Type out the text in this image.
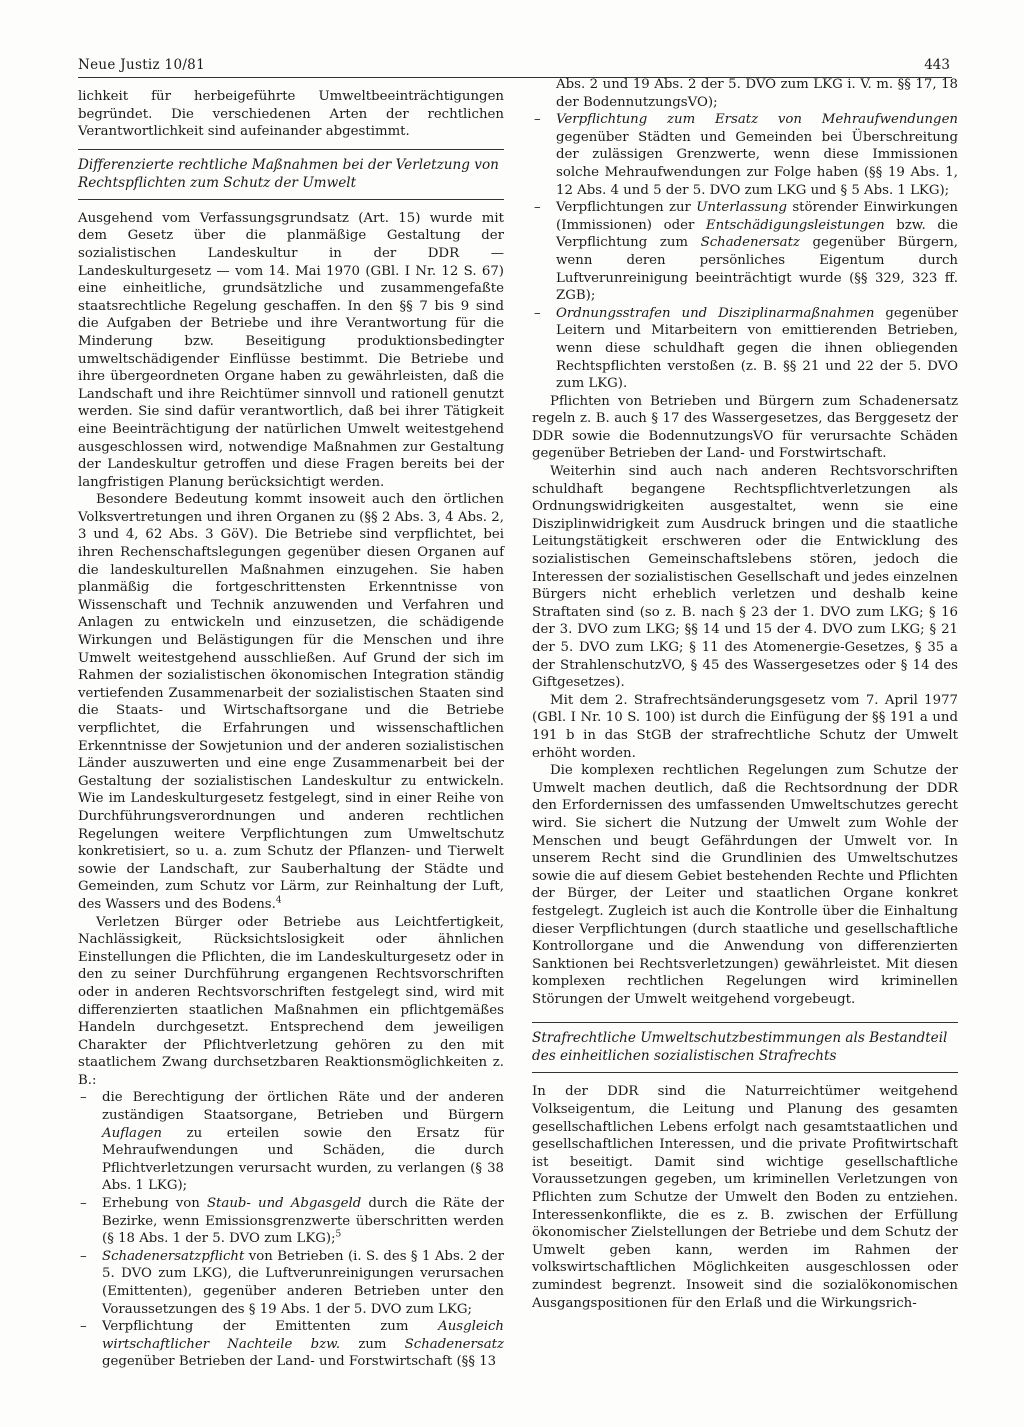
Neue Justiz 10/81	443

lichkeit für herbeigeführte Umweltbeeinträchtigungen begründet. Die verschiedenen Arten der rechtlichen Verantwortlichkeit sind aufeinander abgestimmt.

Differenzierte rechtliche Maßnahmen bei der Verletzung von Rechtspflichten zum Schutz der Umwelt

Ausgehend vom Verfassungsgrundsatz (Art. 15) wurde mit dem Gesetz über die planmäßige Gestaltung der sozialistischen Landeskultur in der DDR — Landeskulturgesetz — vom 14. Mai 1970 (GBl. I Nr. 12 S. 67) eine einheitliche, grundsätzliche und zusammengefaßte staatsrechtliche Regelung geschaffen. In den §§ 7 bis 9 sind die Aufgaben der Betriebe und ihre Verantwortung für die Minderung bzw. Beseitigung produktionsbedingter umweltschädigender Einflüsse bestimmt. Die Betriebe und ihre übergeordneten Organe haben zu gewährleisten, daß die Landschaft und ihre Reichtümer sinnvoll und rationell genutzt werden. Sie sind dafür verantwortlich, daß bei ihrer Tätigkeit eine Beeinträchtigung der natürlichen Umwelt weitestgehend ausgeschlossen wird, notwendige Maßnahmen zur Gestaltung der Landeskultur getroffen und diese Fragen bereits bei der langfristigen Planung berücksichtigt werden.

Besondere Bedeutung kommt insoweit auch den örtlichen Volksvertretungen und ihren Organen zu (§§ 2 Abs. 3, 4 Abs. 2, 3 und 4, 62 Abs. 3 GöV). Die Betriebe sind verpflichtet, bei ihren Rechenschaftslegungen gegenüber diesen Organen auf die landeskulturellen Maßnahmen einzugehen. Sie haben planmäßig die fortgeschrittensten Erkenntnisse von Wissenschaft und Technik anzuwenden und Verfahren und Anlagen zu entwickeln und einzusetzen, die schädigende Wirkungen und Belästigungen für die Menschen und ihre Umwelt weitestgehend ausschließen. Auf Grund der sich im Rahmen der sozialistischen ökonomischen Integration ständig vertiefenden Zusammenarbeit der sozialistischen Staaten sind die Staats- und Wirtschaftsorgane und die Betriebe verpflichtet, die Erfahrungen und wissenschaftlichen Erkenntnisse der Sowjetunion und der anderen sozialistischen Länder auszuwerten und eine enge Zusammenarbeit bei der Gestaltung der sozialistischen Landeskultur zu entwickeln. Wie im Landeskulturgesetz festgelegt, sind in einer Reihe von Durchführungsverordnungen und anderen rechtlichen Regelungen weitere Verpflichtungen zum Umweltschutz konkretisiert, so u. a. zum Schutz der Pflanzen- und Tierwelt sowie der Landschaft, zur Sauberhaltung der Städte und Gemeinden, zum Schutz vor Lärm, zur Reinhaltung der Luft, des Wassers und des Bodens.$^4$

Verletzen Bürger oder Betriebe aus Leichtfertigkeit, Nachlässigkeit, Rücksichtslosigkeit oder ähnlichen Einstellungen die Pflichten, die im Landeskulturgesetz oder in den zu seiner Durchführung ergangenen Rechtsvorschriften oder in anderen Rechtsvorschriften festgelegt sind, wird mit differenzierten staatlichen Maßnahmen ein pflichtgemäßes Handeln durchgesetzt. Entsprechend dem jeweiligen Charakter der Pflichtverletzung gehören zu den mit staatlichem Zwang durchsetzbaren Reaktionsmöglichkeiten z. B.:

– die Berechtigung der örtlichen Räte und der anderen zuständigen Staatsorgane, Betrieben und Bürgern Auflagen zu erteilen sowie den Ersatz für Mehraufwendungen und Schäden, die durch Pflichtverletzungen verursacht wurden, zu verlangen (§ 38 Abs. 1 LKG);
– Erhebung von Staub- und Abgasgeld durch die Räte der Bezirke, wenn Emissionsgrenzwerte überschritten werden (§ 18 Abs. 1 der 5. DVO zum LKG);$^5$
– Schadenersatzpflicht von Betrieben (i. S. des § 1 Abs. 2 der 5. DVO zum LKG), die Luftverunreinigungen verursachen (Emittenten), gegenüber anderen Betrieben unter den Voraussetzungen des § 19 Abs. 1 der 5. DVO zum LKG;
– Verpflichtung der Emittenten zum Ausgleich wirtschaftlicher Nachteile bzw. zum Schadenersatz gegenüber Betrieben der Land- und Forstwirtschaft (§§ 13

Abs. 2 und 19 Abs. 2 der 5. DVO zum LKG i. V. m. §§ 17, 18 der BodennutzungsVO);

– Verpflichtung zum Ersatz von Mehraufwendungen gegenüber Städten und Gemeinden bei Überschreitung der zulässigen Grenzwerte, wenn diese Immissionen solche Mehraufwendungen zur Folge haben (§§ 19 Abs. 1, 12 Abs. 4 und 5 der 5. DVO zum LKG und § 5 Abs. 1 LKG);
– Verpflichtungen zur Unterlassung störender Einwirkungen (Immissionen) oder Entschädigungsleistungen bzw. die Verpflichtung zum Schadenersatz gegenüber Bürgern, wenn deren persönliches Eigentum durch Luftverunreinigung beeinträchtigt wurde (§§ 329, 323 ff. ZGB);
– Ordnungsstrafen und Disziplinarmaßnahmen gegenüber Leitern und Mitarbeitern von emittierenden Betrieben, wenn diese schuldhaft gegen die ihnen obliegenden Rechtspflichten verstoßen (z. B. §§ 21 und 22 der 5. DVO zum LKG).

Pflichten von Betrieben und Bürgern zum Schadenersatz regeln z. B. auch § 17 des Wassergesetzes, das Berggesetz der DDR sowie die BodennutzungsVO für verursachte Schäden gegenüber Betrieben der Land- und Forstwirtschaft.

Weiterhin sind auch nach anderen Rechtsvorschriften schuldhaft begangene Rechtspflichtverletzungen als Ordnungswidrigkeiten ausgestaltet, wenn sie eine Disziplinwidrigkeit zum Ausdruck bringen und die staatliche Leitungstätigkeit erschweren oder die Entwicklung des sozialistischen Gemeinschaftslebens stören, jedoch die Interessen der sozialistischen Gesellschaft und jedes einzelnen Bürgers nicht erheblich verletzen und deshalb keine Straftaten sind (so z. B. nach § 23 der 1. DVO zum LKG; § 16 der 3. DVO zum LKG; §§ 14 und 15 der 4. DVO zum LKG; § 21 der 5. DVO zum LKG; § 11 des Atomenergie-Gesetzes, § 35 a der StrahlenschutzVO, § 45 des Wassergesetzes oder § 14 des Giftgesetzes).

Mit dem 2. Strafrechtsänderungsgesetz vom 7. April 1977 (GBl. I Nr. 10 S. 100) ist durch die Einfügung der §§ 191 a und 191 b in das StGB der strafrechtliche Schutz der Umwelt erhöht worden.

Die komplexen rechtlichen Regelungen zum Schutze der Umwelt machen deutlich, daß die Rechtsordnung der DDR den Erfordernissen des umfassenden Umweltschutzes gerecht wird. Sie sichert die Nutzung der Umwelt zum Wohle der Menschen und beugt Gefährdungen der Umwelt vor. In unserem Recht sind die Grundlinien des Umweltschutzes sowie die auf diesem Gebiet bestehenden Rechte und Pflichten der Bürger, der Leiter und staatlichen Organe konkret festgelegt. Zugleich ist auch die Kontrolle über die Einhaltung dieser Verpflichtungen (durch staatliche und gesellschaftliche Kontrollorgane und die Anwendung von differenzierten Sanktionen bei Rechtsverletzungen) gewährleistet. Mit diesen komplexen rechtlichen Regelungen wird kriminellen Störungen der Umwelt weitgehend vorgebeugt.

Strafrechtliche Umweltschutzbestimmungen als Bestandteil des einheitlichen sozialistischen Strafrechts

In der DDR sind die Naturreichtümer weitgehend Volkseigentum, die Leitung und Planung des gesamten gesellschaftlichen Lebens erfolgt nach gesamtstaatlichen und gesellschaftlichen Interessen, und die private Profitwirtschaft ist beseitigt. Damit sind wichtige gesellschaftliche Voraussetzungen gegeben, um kriminellen Verletzungen von Pflichten zum Schutze der Umwelt den Boden zu entziehen. Interessenkonflikte, die es z. B. zwischen der Erfüllung ökonomischer Zielstellungen der Betriebe und dem Schutz der Umwelt geben kann, werden im Rahmen der volkswirtschaftlichen Möglichkeiten ausgeschlossen oder zumindest begrenzt. Insoweit sind die sozialökonomischen Ausgangspositionen für den Erlaß und die Wirkungsrich-
